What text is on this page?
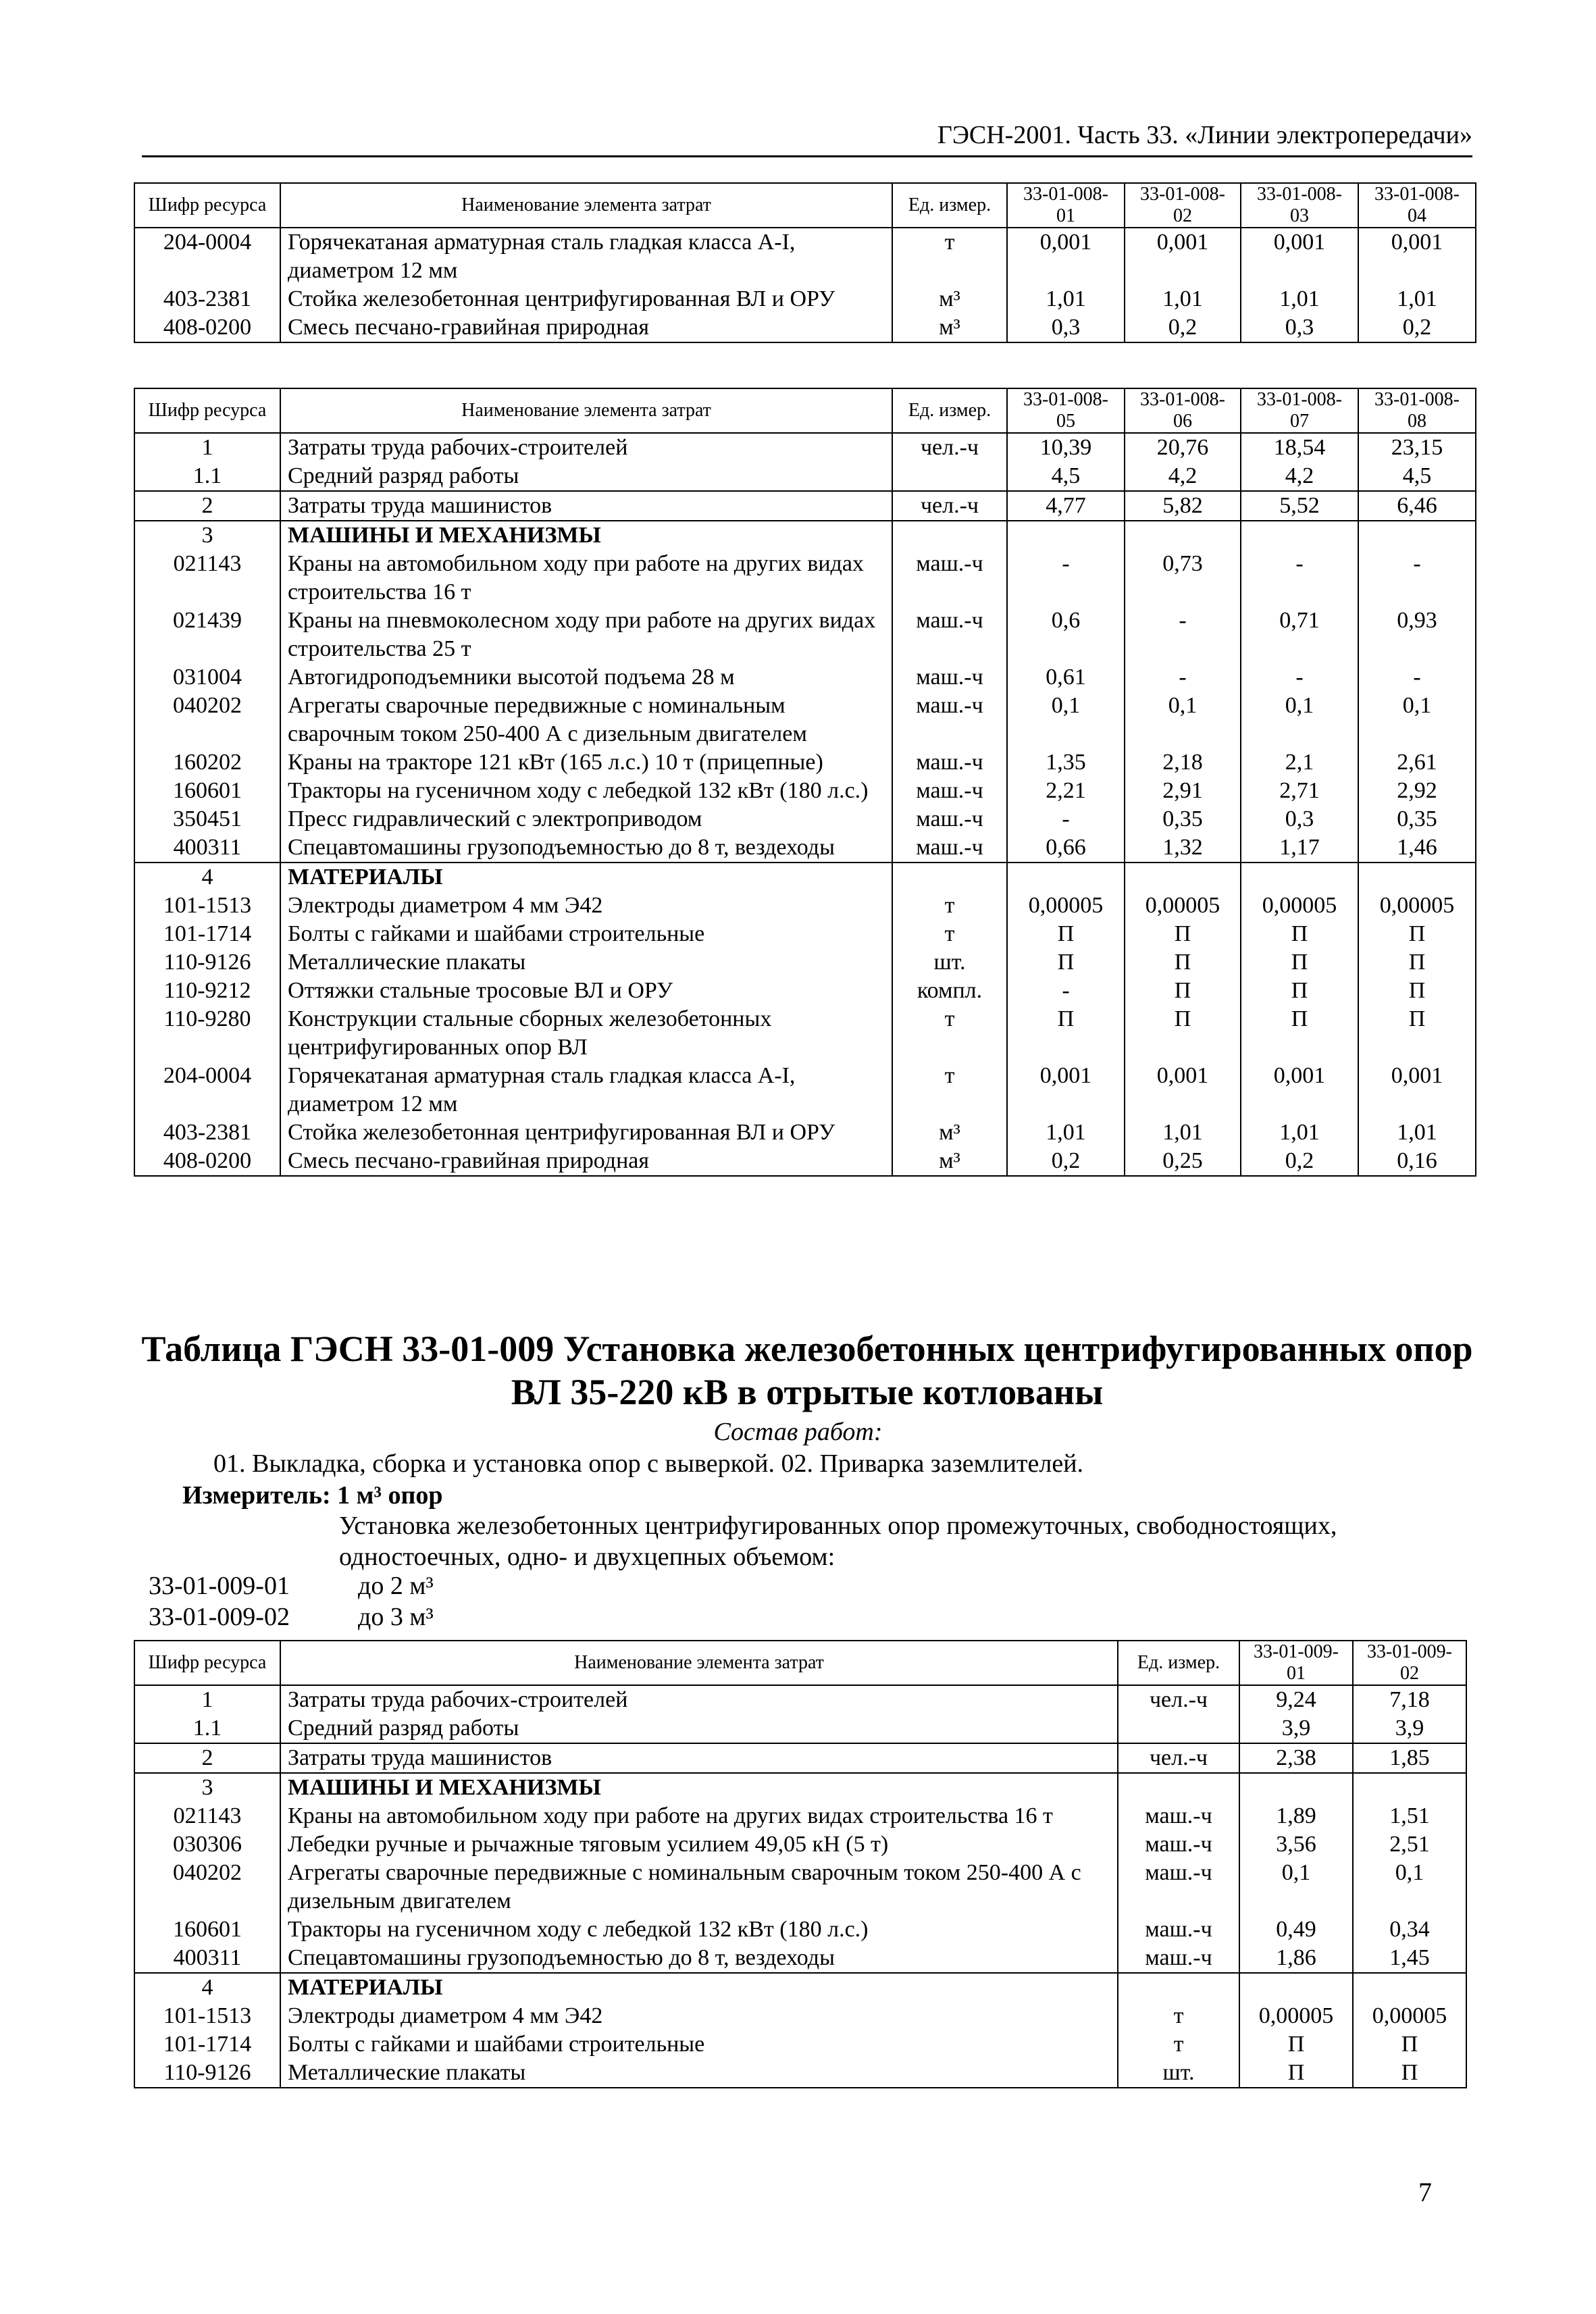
ГЭСН-2001. Часть 33. «Линии электропередачи»
Шифр ресурса	Наименование элемента затрат	Ед. измер.	33-01-008-01	33-01-008-02	33-01-008-03	33-01-008-04
204-0004	Горячекатаная арматурная сталь гладкая класса А-I, диаметром 12 мм	т	0,001	0,001	0,001	0,001
403-2381	Стойка железобетонная центрифугированная ВЛ и ОРУ	м³	1,01	1,01	1,01	1,01
408-0200	Смесь песчано-гравийная природная	м³	0,3	0,2	0,3	0,2
Шифр ресурса	Наименование элемента затрат	Ед. измер.	33-01-008-05	33-01-008-06	33-01-008-07	33-01-008-08
1	Затраты труда рабочих-строителей	чел.-ч	10,39	20,76	18,54	23,15
1.1	Средний разряд работы		4,5	4,2	4,2	4,5
2	Затраты труда машинистов	чел.-ч	4,77	5,82	5,52	6,46
3	МАШИНЫ И МЕХАНИЗМЫ					
021143	Краны на автомобильном ходу при работе на других видах строительства 16 т	маш.-ч	-	0,73	-	-
021439	Краны на пневмоколесном ходу при работе на других видах строительства 25 т	маш.-ч	0,6	-	0,71	0,93
031004	Автогидроподъемники высотой подъема 28 м	маш.-ч	0,61	-	-	-
040202	Агрегаты сварочные передвижные с номинальным сварочным током 250-400 А с дизельным двигателем	маш.-ч	0,1	0,1	0,1	0,1
160202	Краны на тракторе 121 кВт (165 л.с.) 10 т (прицепные)	маш.-ч	1,35	2,18	2,1	2,61
160601	Тракторы на гусеничном ходу с лебедкой 132 кВт (180 л.с.)	маш.-ч	2,21	2,91	2,71	2,92
350451	Пресс гидравлический с электроприводом	маш.-ч	-	0,35	0,3	0,35
400311	Спецавтомашины грузоподъемностью до 8 т, вездеходы	маш.-ч	0,66	1,32	1,17	1,46
4	МАТЕРИАЛЫ					
101-1513	Электроды диаметром 4 мм Э42	т	0,00005	0,00005	0,00005	0,00005
101-1714	Болты с гайками и шайбами строительные	т	П	П	П	П
110-9126	Металлические плакаты	шт.	П	П	П	П
110-9212	Оттяжки стальные тросовые ВЛ и ОРУ	компл.	-	П	П	П
110-9280	Конструкции стальные сборных железобетонных центрифугированных опор ВЛ	т	П	П	П	П
204-0004	Горячекатаная арматурная сталь гладкая класса А-I, диаметром 12 мм	т	0,001	0,001	0,001	0,001
403-2381	Стойка железобетонная центрифугированная ВЛ и ОРУ	м³	1,01	1,01	1,01	1,01
408-0200	Смесь песчано-гравийная природная	м³	0,2	0,25	0,2	0,16
Таблица ГЭСН 33-01-009 Установка железобетонных центрифугированных опор ВЛ 35-220 кВ в отрытые котлованы
Состав работ:
01. Выкладка, сборка и установка опор с выверкой. 02. Приварка заземлителей.
Измеритель: 1 м³ опор
Установка железобетонных центрифугированных опор промежуточных, свободностоящих, одностоечных, одно- и двухцепных объемом:
33-01-009-01	до 2 м³
33-01-009-02	до 3 м³
Шифр ресурса	Наименование элемента затрат	Ед. измер.	33-01-009-01	33-01-009-02
1	Затраты труда рабочих-строителей	чел.-ч	9,24	7,18
1.1	Средний разряд работы		3,9	3,9
2	Затраты труда машинистов	чел.-ч	2,38	1,85
3	МАШИНЫ И МЕХАНИЗМЫ			
021143	Краны на автомобильном ходу при работе на других видах строительства 16 т	маш.-ч	1,89	1,51
030306	Лебедки ручные и рычажные тяговым усилием 49,05 кН (5 т)	маш.-ч	3,56	2,51
040202	Агрегаты сварочные передвижные с номинальным сварочным током 250-400 А с дизельным двигателем	маш.-ч	0,1	0,1
160601	Тракторы на гусеничном ходу с лебедкой 132 кВт (180 л.с.)	маш.-ч	0,49	0,34
400311	Спецавтомашины грузоподъемностью до 8 т, вездеходы	маш.-ч	1,86	1,45
4	МАТЕРИАЛЫ			
101-1513	Электроды диаметром 4 мм Э42	т	0,00005	0,00005
101-1714	Болты с гайками и шайбами строительные	т	П	П
110-9126	Металлические плакаты	шт.	П	П
7
